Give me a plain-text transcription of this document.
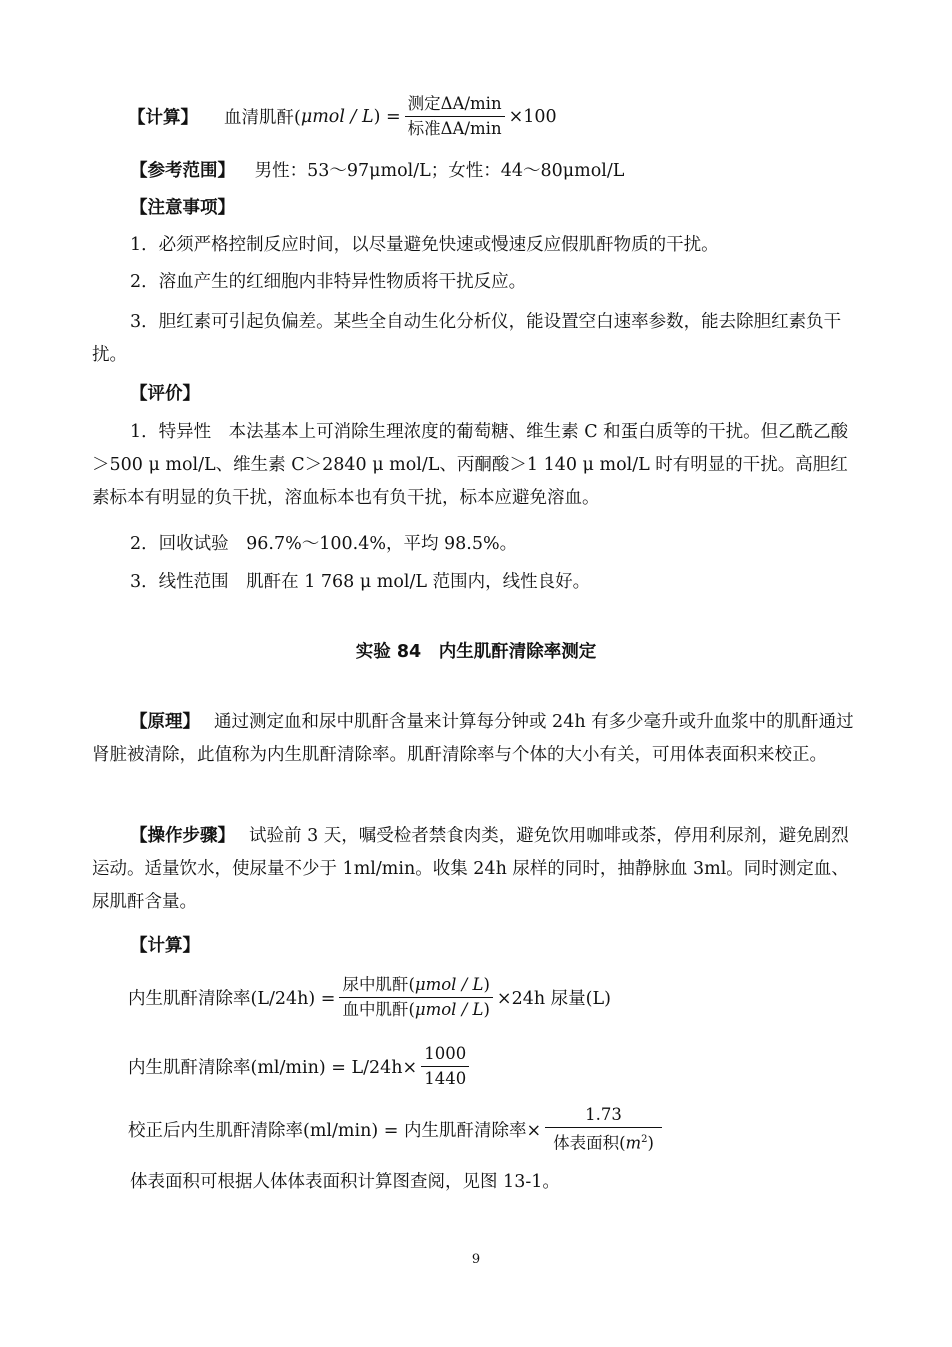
【计算】 血清肌酐( μmol / L ) = $\frac{\text{测定ΔA/min}}{\text{标准ΔA/min}} \times 100$
【参考范围】 男性：53～97μmol/L；女性：44～80μmol/L
【注意事项】
1．必须严格控制反应时间，以尽量避免快速或慢速反应假肌酐物质的干扰。
2．溶血产生的红细胞内非特异性物质将干扰反应。
3．胆红素可引起负偏差。某些全自动生化分析仪，能设置空白速率参数，能去除胆红素负干扰。
【评价】
1．特异性　本法基本上可消除生理浓度的葡萄糖、维生素 C 和蛋白质等的干扰。但乙酰乙酸＞500 μ mol/L、维生素 C＞2840 μ mol/L、丙酮酸＞1 140 μ mol/L 时有明显的干扰。高胆红素标本有明显的负干扰，溶血标本也有负干扰，标本应避免溶血。
2．回收试验　96.7%～100.4%，平均 98.5%。
3．线性范围　肌酐在 1 768 μ mol/L 范围内，线性良好。
实验 84　内生肌酐清除率测定
【原理】 通过测定血和尿中肌酐含量来计算每分钟或 24h 有多少毫升或升血浆中的肌酐通过肾脏被清除，此值称为内生肌酐清除率。肌酐清除率与个体的大小有关，可用体表面积来校正。
【操作步骤】 试验前 3 天，嘱受检者禁食肉类，避免饮用咖啡或茶，停用利尿剂，避免剧烈运动。适量饮水，使尿量不少于 1ml/min。收集 24h 尿样的同时，抽静脉血 3ml。同时测定血、尿肌酐含量。
【计算】
内生肌酐清除率$(L/24h) = \frac{\text{尿中肌酐(μmol / L)}}{\text{血中肌酐(μmol / L)}} \times 24h$ 尿量(L)
内生肌酐清除率$(ml/\min) = L/24h\times \frac{1000}{1440}$
校正后内生肌酐清除率(ml/min) = 内生肌酐清除率× $\frac{1.73}{体表面积(m^2)}$
体表面积可根据人体体表面积计算图查阅，见图 13-1。
9
